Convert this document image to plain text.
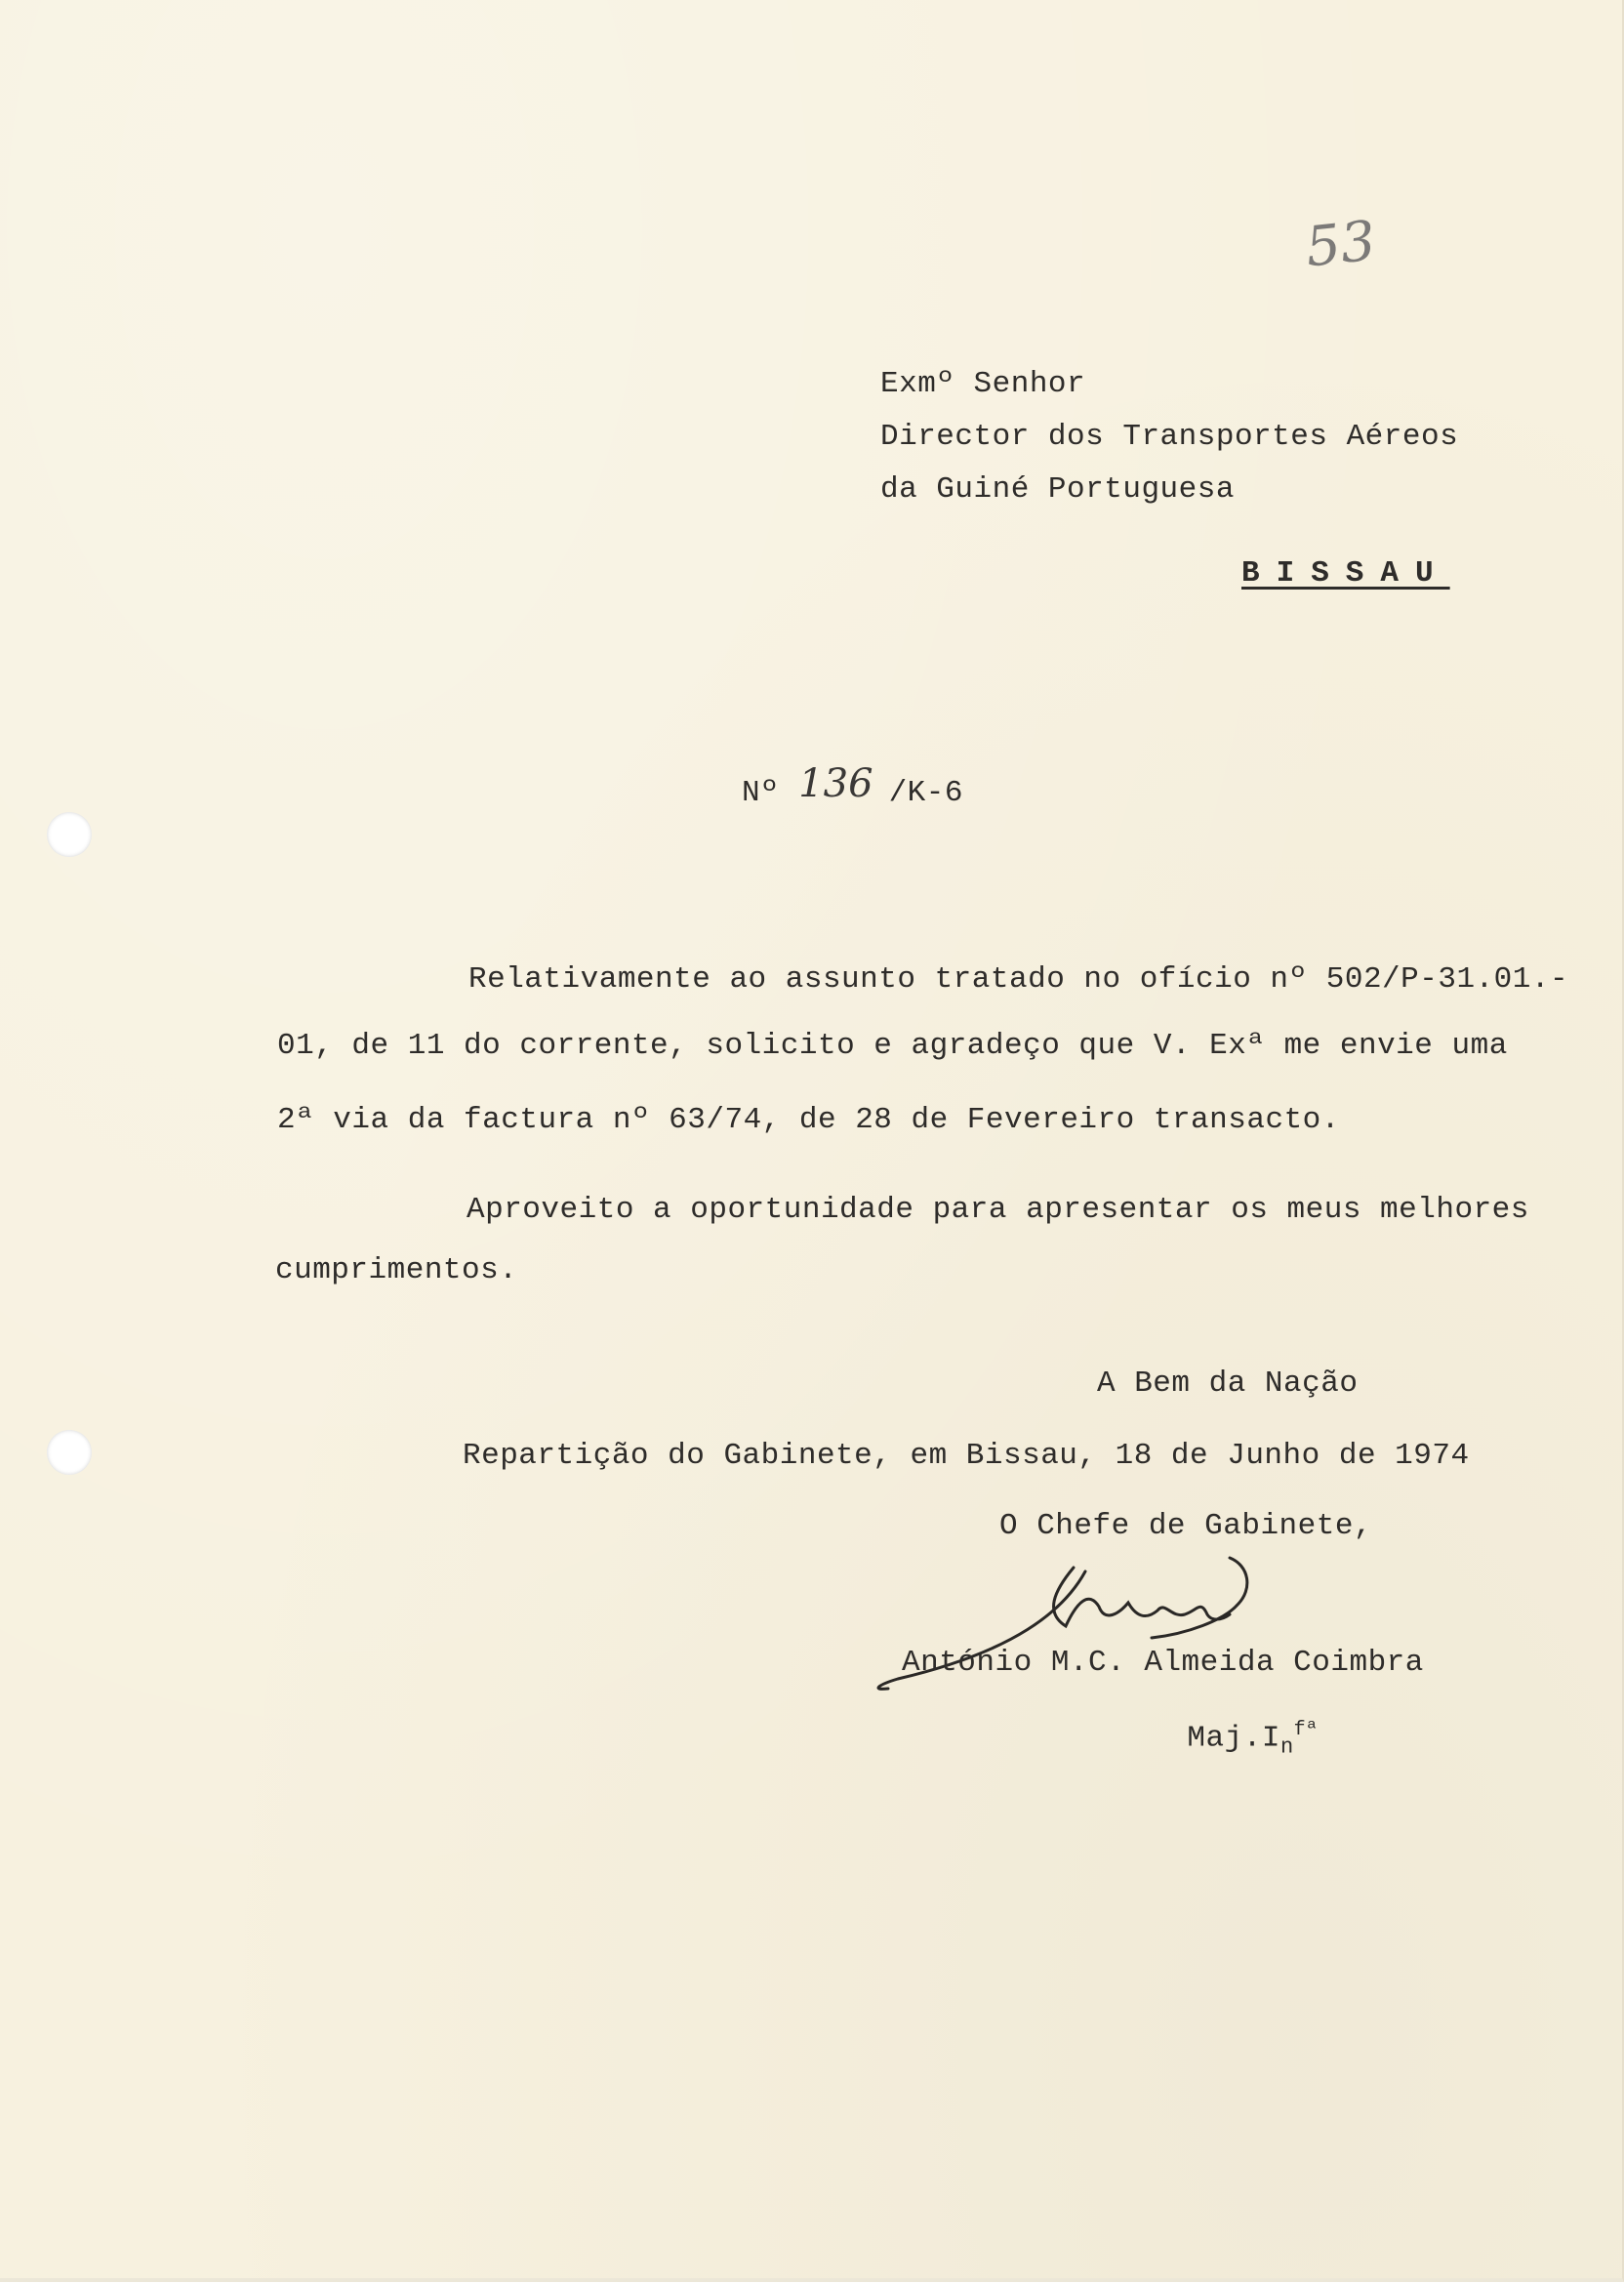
53
Exmº Senhor
Director dos Transportes Aéreos
da Guiné Portuguesa
BISSAU
Nº 136 /K-6
Relativamente ao assunto tratado no ofício nº 502/P-31.01.-
01, de 11 do corrente, solicito e agradeço que V. Exª me envie uma
2ª via da factura nº 63/74, de 28 de Fevereiro transacto.
Aproveito a oportunidade para apresentar os meus melhores
cumprimentos.
A Bem da Nação
Repartição do Gabinete, em Bissau, 18 de Junho de 1974
O Chefe de Gabinete,
António M.C. Almeida Coimbra

$Maj.I_n^{fª}$
